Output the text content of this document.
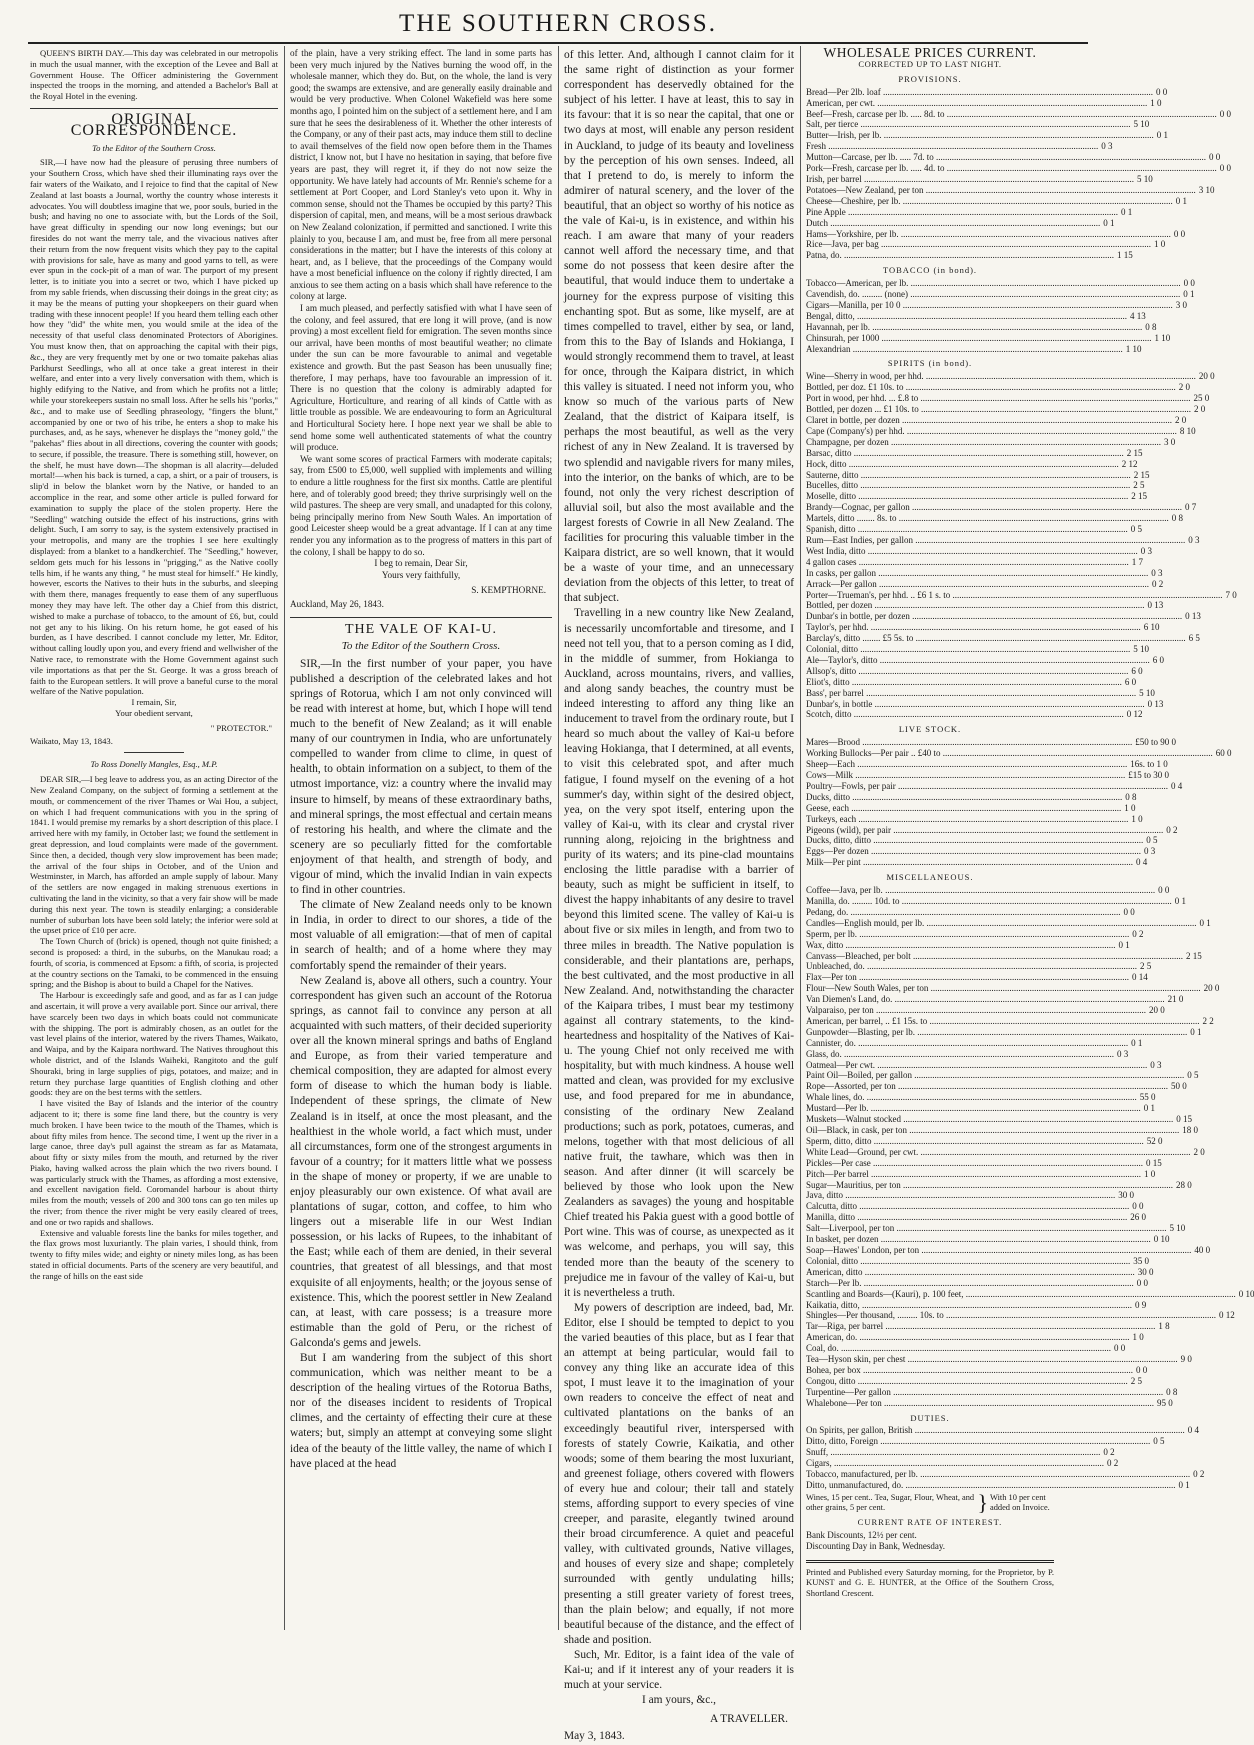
THE SOUTHERN CROSS.

QUEEN'S BIRTH DAY.—This day was celebrated in our metropolis in much the usual manner, with the exception of the Levee and Ball at Government House. The Officer administering the Government inspected the troops in the morning, and attended a Bachelor's Ball at the Royal Hotel in the evening.

ORIGINAL CORRESPONDENCE.
To the Editor of the Southern Cross.

SIR,—I have now had the pleasure of perusing three numbers of your Southern Cross, which have shed their illuminating rays over the fair waters of the Waikato, and I rejoice to find that the capital of New Zealand at last boasts a Journal, worthy the country whose interests it advocates. You will doubtless imagine that we, poor souls, buried in the bush; and having no one to associate with, but the Lords of the Soil, have great difficulty in spending our now long evenings; but our firesides do not want the merry tale, and the vivacious natives after their return from the now frequent visits which they pay to the capital with provisions for sale, have as many and good yarns to tell, as were ever spun in the cock-pit of a man of war. The purport of my present letter, is to initiate you into a secret or two, which I have picked up from my sable friends, when discussing their doings in the great city; as it may be the means of putting your shopkeepers on their guard when trading with these innocent people! If you heard them telling each other how they "did" the white men, you would smile at the idea of the necessity of that useful class denominated Protectors of Aborigines. You must know then, that on approaching the capital with their pigs, &c., they are very frequently met by one or two tomaite pakehas alias Parkhurst Seedlings, who all at once take a great interest in their welfare, and enter into a very lively conversation with them, which is highly edifying to the Native, and from which he profits not a little; while your storekeepers sustain no small loss. After he sells his "porks," &c., and to make use of Seedling phraseology, "fingers the blunt," accompanied by one or two of his tribe, he enters a shop to make his purchases, and, as he says, whenever he displays the "money gold," the "pakehas" flies about in all directions, covering the counter with goods; to secure, if possible, the treasure. There is something still, however, on the shelf, he must have down—The shopman is all alacrity—deluded mortal!—when his back is turned, a cap, a shirt, or a pair of trousers, is slip'd in below the blanket worn by the Native, or handed to an accomplice in the rear, and some other article is pulled forward for examination to supply the place of the stolen property. Here the "Seedling" watching outside the effect of his instructions, grins with delight. Such, I am sorry to say, is the system extensively practised in your metropolis, and many are the trophies I see here exultingly displayed: from a blanket to a handkerchief. The "Seedling," however, seldom gets much for his lessons in "prigging," as the Native coolly tells him, if he wants any thing, " he must steal for himself." He kindly, however, escorts the Natives to their huts in the suburbs, and sleeping with them there, manages frequently to ease them of any superfluous money they may have left. The other day a Chief from this district, wished to make a purchase of tobacco, to the amount of £6, but, could not get any to his liking. On his return home, he got eased of his burden, as I have described. I cannot conclude my letter, Mr. Editor, without calling loudly upon you, and every friend and wellwisher of the Native race, to remonstrate with the Home Government against such vile importations as that per the St. George. It was a gross breach of faith to the European settlers. It will prove a baneful curse to the moral welfare of the Native population.

I remain, Sir,
Your obedient servant,
" PROTECTOR."
Waikato, May 13, 1843.
To Ross Donelly Mangles, Esq., M.P.

DEAR SIR,—I beg leave to address you, as an acting Director of the New Zealand Company, on the subject of forming a settlement at the mouth, or commencement of the river Thames or Wai Hou, a subject, on which I had frequent communications with you in the spring of 1841. I would premise my remarks by a short description of this place. I arrived here with my family, in October last; we found the settlement in great depression, and loud complaints were made of the government. Since then, a decided, though very slow improvement has been made; the arrival of the four ships in October, and of the Union and Westminster, in March, has afforded an ample supply of labour. Many of the settlers are now engaged in making strenuous exertions in cultivating the land in the vicinity, so that a very fair show will be made during this next year. The town is steadily enlarging; a considerable number of suburban lots have been sold lately; the inferior were sold at the upset price of £10 per acre.

The Town Church of (brick) is opened, though not quite finished; a second is proposed: a third, in the suburbs, on the Manukau road; a fourth, of scoria, is commenced at Epsom: a fifth, of scoria, is projected at the country sections on the Tamaki, to be commenced in the ensuing spring; and the Bishop is about to build a Chapel for the Natives.

The Harbour is exceedingly safe and good, and as far as I can judge and ascertain, it will prove a very available port. Since our arrival, there have scarcely been two days in which boats could not communicate with the shipping. The port is admirably chosen, as an outlet for the vast level plains of the interior, watered by the rivers Thames, Waikato, and Waipa, and by the Kaipara northward. The Natives throughout this whole district, and of the Islands Waiheki, Rangitoto and the gulf Shouraki, bring in large supplies of pigs, potatoes, and maize; and in return they purchase large quantities of English clothing and other goods: they are on the best terms with the settlers.

I have visited the Bay of Islands and the interior of the country adjacent to it; there is some fine land there, but the country is very much broken. I have been twice to the mouth of the Thames, which is about fifty miles from hence. The second time, I went up the river in a large canoe, three day's pull against the stream as far as Matamata, about fifty or sixty miles from the mouth, and returned by the river Piako, having walked across the plain which the two rivers bound. I was particularly struck with the Thames, as affording a most extensive, and excellent navigation field. Coromandel harbour is about thirty miles from the mouth; vessels of 200 and 300 tons can go ten miles up the river; from thence the river might be very easily cleared of trees, and one or two rapids and shallows.

Extensive and valuable forests line the banks for miles together, and the flax grows most luxuriantly. The plain varies, I should think, from twenty to fifty miles wide; and eighty or ninety miles long, as has been stated in official documents. Parts of the scenery are very beautiful, and the range of hills on the east side

of the plain, have a very striking effect. The land in some parts has been very much injured by the Natives burning the wood off, in the wholesale manner, which they do. But, on the whole, the land is very good; the swamps are extensive, and are generally easily drainable and would be very productive. When Colonel Wakefield was here some months ago, I pointed him on the subject of a settlement here, and I am sure that he sees the desirableness of it. Whether the other interests of the Company, or any of their past acts, may induce them still to decline to avail themselves of the field now open before them in the Thames district, I know not, but I have no hesitation in saying, that before five years are past, they will regret it, if they do not now seize the opportunity. We have lately had accounts of Mr. Rennie's scheme for a settlement at Port Cooper, and Lord Stanley's veto upon it. Why in common sense, should not the Thames be occupied by this party? This dispersion of capital, men, and means, will be a most serious drawback on New Zealand colonization, if permitted and sanctioned. I write this plainly to you, because I am, and must be, free from all mere personal considerations in the matter; but I have the interests of this colony at heart, and, as I believe, that the proceedings of the Company would have a most beneficial influence on the colony if rightly directed, I am anxious to see them acting on a basis which shall have reference to the colony at large.

I am much pleased, and perfectly satisfied with what I have seen of the colony, and feel assured, that ere long it will prove, (and is now proving) a most excellent field for emigration. The seven months since our arrival, have been months of most beautiful weather; no climate under the sun can be more favourable to animal and vegetable existence and growth. But the past Season has been unusually fine; therefore, I may perhaps, have too favourable an impression of it. There is no question that the colony is admirably adapted for Agriculture, Horticulture, and rearing of all kinds of Cattle with as little trouble as possible. We are endeavouring to form an Agricultural and Horticultural Society here. I hope next year we shall be able to send home some well authenticated statements of what the country will produce.

We want some scores of practical Farmers with moderate capitals; say, from £500 to £5,000, well supplied with implements and willing to endure a little roughness for the first six months. Cattle are plentiful here, and of tolerably good breed; they thrive surprisingly well on the wild pastures. The sheep are very small, and unadapted for this colony, being principally merino from New South Wales. An importation of good Leicester sheep would be a great advantage. If I can at any time render you any information as to the progress of matters in this part of the colony, I shall be happy to do so.

I beg to remain, Dear Sir,
Yours very faithfully,
S. KEMPTHORNE.
Auckland, May 26, 1843.
THE VALE OF KAI-U.
To the Editor of the Southern Cross.

SIR,—In the first number of your paper, you have published a description of the celebrated lakes and hot springs of Rotorua, which I am not only convinced will be read with interest at home, but, which I hope will tend much to the benefit of New Zealand; as it will enable many of our countrymen in India, who are unfortunately compelled to wander from clime to clime, in quest of health, to obtain information on a subject, to them of the utmost importance, viz: a country where the invalid may insure to himself, by means of these extraordinary baths, and mineral springs, the most effectual and certain means of restoring his health, and where the climate and the scenery are so peculiarly fitted for the comfortable enjoyment of that health, and strength of body, and vigour of mind, which the invalid Indian in vain expects to find in other countries.

The climate of New Zealand needs only to be known in India, in order to direct to our shores, a tide of the most valuable of all emigration:—that of men of capital in search of health; and of a home where they may comfortably spend the remainder of their years.

New Zealand is, above all others, such a country. Your correspondent has given such an account of the Rotorua springs, as cannot fail to convince any person at all acquainted with such matters, of their decided superiority over all the known mineral springs and baths of England and Europe, as from their varied temperature and chemical composition, they are adapted for almost every form of disease to which the human body is liable. Independent of these springs, the climate of New Zealand is in itself, at once the most pleasant, and the healthiest in the whole world, a fact which must, under all circumstances, form one of the strongest arguments in favour of a country; for it matters little what we possess in the shape of money or property, if we are unable to enjoy pleasurably our own existence. Of what avail are plantations of sugar, cotton, and coffee, to him who lingers out a miserable life in our West Indian possession, or his lacks of Rupees, to the inhabitant of the East; while each of them are denied, in their several countries, that greatest of all blessings, and that most exquisite of all enjoyments, health; or the joyous sense of existence. This, which the poorest settler in New Zealand can, at least, with care possess; is a treasure more estimable than the gold of Peru, or the richest of Galconda's gems and jewels.

But I am wandering from the subject of this short communication, which was neither meant to be a description of the healing virtues of the Rotorua Baths, nor of the diseases incident to residents of Tropical climes, and the certainty of effecting their cure at these waters; but, simply an attempt at conveying some slight idea of the beauty of the little valley, the name of which I have placed at the head

of this letter. And, although I cannot claim for it the same right of distinction as your former correspondent has deservedly obtained for the subject of his letter. I have at least, this to say in its favour: that it is so near the capital, that one or two days at most, will enable any person resident in Auckland, to judge of its beauty and loveliness by the perception of his own senses. Indeed, all that I pretend to do, is merely to inform the admirer of natural scenery, and the lover of the beautiful, that an object so worthy of his notice as the vale of Kai-u, is in existence, and within his reach. I am aware that many of your readers cannot well afford the necessary time, and that some do not possess that keen desire after the beautiful, that would induce them to undertake a journey for the express purpose of visiting this enchanting spot. But as some, like myself, are at times compelled to travel, either by sea, or land, from this to the Bay of Islands and Hokianga, I would strongly recommend them to travel, at least for once, through the Kaipara district, in which this valley is situated. I need not inform you, who know so much of the various parts of New Zealand, that the district of Kaipara itself, is perhaps the most beautiful, as well as the very richest of any in New Zealand. It is traversed by two splendid and navigable rivers for many miles, into the interior, on the banks of which, are to be found, not only the very richest description of alluvial soil, but also the most available and the largest forests of Cowrie in all New Zealand. The facilities for procuring this valuable timber in the Kaipara district, are so well known, that it would be a waste of your time, and an unnecessary deviation from the objects of this letter, to treat of that subject.

Travelling in a new country like New Zealand, is necessarily uncomfortable and tiresome, and I need not tell you, that to a person coming as I did, in the middle of summer, from Hokianga to Auckland, across mountains, rivers, and vallies, and along sandy beaches, the country must be indeed interesting to afford any thing like an inducement to travel from the ordinary route, but I heard so much about the valley of Kai-u before leaving Hokianga, that I determined, at all events, to visit this celebrated spot, and after much fatigue, I found myself on the evening of a hot summer's day, within sight of the desired object, yea, on the very spot itself, entering upon the valley of Kai-u, with its clear and crystal river running along, rejoicing in the brightness and purity of its waters; and its pine-clad mountains enclosing the little paradise with a barrier of beauty, such as might be sufficient in itself, to divest the happy inhabitants of any desire to travel beyond this limited scene. The valley of Kai-u is about five or six miles in length, and from two to three miles in breadth. The Native population is considerable, and their plantations are, perhaps, the best cultivated, and the most productive in all New Zealand. And, notwithstanding the character of the Kaipara tribes, I must bear my testimony against all contrary statements, to the kind-heartedness and hospitality of the Natives of Kai-u. The young Chief not only received me with hospitality, but with much kindness. A house well matted and clean, was provided for my exclusive use, and food prepared for me in abundance, consisting of the ordinary New Zealand productions; such as pork, potatoes, cumeras, and melons, together with that most delicious of all native fruit, the tawhare, which was then in season. And after dinner (it will scarcely be believed by those who look upon the New Zealanders as savages) the young and hospitable Chief treated his Pakia guest with a good bottle of Port wine. This was of course, as unexpected as it was welcome, and perhaps, you will say, this tended more than the beauty of the scenery to prejudice me in favour of the valley of Kai-u, but it is nevertheless a truth.

My powers of description are indeed, bad, Mr. Editor, else I should be tempted to depict to you the varied beauties of this place, but as I fear that an attempt at being particular, would fail to convey any thing like an accurate idea of this spot, I must leave it to the imagination of your own readers to conceive the effect of neat and cultivated plantations on the banks of an exceedingly beautiful river, interspersed with forests of stately Cowrie, Kaikatia, and other woods; some of them bearing the most luxuriant, and greenest foliage, others covered with flowers of every hue and colour; their tall and stately stems, affording support to every species of vine creeper, and parasite, elegantly twined around their broad circumference. A quiet and peaceful valley, with cultivated grounds, Native villages, and houses of every size and shape; completely surrounded with gently undulating hills; presenting a still greater variety of forest trees, than the plain below; and equally, if not more beautiful because of the distance, and the effect of shade and position.

Such, Mr. Editor, is a faint idea of the vale of Kai-u; and if it interest any of your readers it is much at your service.

I am yours, &c.,
A TRAVELLER.
May 3, 1843.
WHOLESALE PRICES CURRENT.
CORRECTED UP TO LAST NIGHT.
PROVISIONS.
Bread—Per 2lb. loaf .....	0 0
American, per cwt. .....	1 0
Beef—Fresh, carcase per lb. ..... 8d. to .....	0 0
Salt, per tierce .....	5 10
Butter—Irish, per lb. .....	0 1
Fresh .....	0 3
Mutton—Carcase, per lb. ..... 7d. to .....	0 0
Pork—Fresh, carcase per lb. ..... 4d. to .....	0 0
Irish, per barrel .....	5 10
Potatoes—New Zealand, per ton .....	3 10
Cheese—Cheshire, per lb. .....	0 1
Pine Apple .....	0 1
Dutch .....	0 1
Hams—Yorkshire, per lb. .....	0 0
Rice—Java, per bag .....	1 0
Patna, do. .....	1 15
TOBACCO (in bond).
Tobacco—American, per lb. .....	0 0
Cavendish, do. ......... (none) .....	0 1
Cigars—Manilla, per 10 0 .....	3 0
Bengal, ditto, .....	4 13
Havannah, per lb. .....	0 8
Chinsurah, per 1000 .....	1 10
Alexandrian .....	1 10
SPIRITS (in bond).
Wine—Sherry in wood, per hhd. .....	20 0
Bottled, per doz. £1 10s. to .....	2 0
Port in wood, per hhd. ... £.8 to .....	25 0
Bottled, per dozen ... £1 10s. to .....	2 0
Claret in bottle, per dozen .....	2 0
Cape (Company's) per hhd. .....	8 10
Champagne, per dozen .....	3 0
Barsac, ditto .....	2 15
Hock, ditto .....	2 12
Sauterne, ditto .....	2 15
Bucelles, ditto .....	2 5
Moselle, ditto .....	2 15
Brandy—Cognac, per gallon .....	0 7
Martels, ditto ........ 8s. to .....	0 8
Spanish, ditto .....	0 5
Rum—East Indies, per gallon .....	0 3
West India, ditto .....	0 3
4 gallon cases .....	1 7
In casks, per gallon .....	0 3
Arrack—Per gallon .....	0 2
Porter—Trueman's, per hhd. .. £6 1 s. to .....	7 0
Bottled, per dozen .....	0 13
Dunbar's in bottle, per dozen .....	0 13
Taylor's, per hhd. .....	6 10
Barclay's, ditto ........ £5 5s. to .....	6 5
Colonial, ditto .....	5 10
Ale—Taylor's, ditto .....	6 0
Allsop's, ditto .....	6 0
Eliot's, ditto .....	6 0
Bass', per barrel .....	5 10
Dunbar's, in bottle .....	0 13
Scotch, ditto .....	0 12
LIVE STOCK.
Mares—Brood .....	£50 to 90 0
Working Bullocks—Per pair .. £40 to .....	60 0
Sheep—Each .....	16s. to 1 0
Cows—Milk .....	£15 to 30 0
Poultry—Fowls, per pair .....	0 4
Ducks, ditto .....	0 8
Geese, each .....	1 0
Turkeys, each .....	1 0
Pigeons (wild), per pair .....	0 2
Ducks, ditto, ditto .....	0 5
Eggs—Per dozen .....	0 3
Milk—Per pint .....	0 4
MISCELLANEOUS.
Coffee—Java, per lb. .....	0 0
Manilla, do. ......... 10d. to .....	0 1
Pedang, do. .....	0 0
Candles—English mould, per lb. .....	0 1
Sperm, per lb. .....	0 2
Wax, ditto .....	0 1
Canvass—Bleached, per bolt .....	2 15
Unbleached, do. .....	2 5
Flax—Per ton .....	0 14
Flour—New South Wales, per ton .....	20 0
Van Diemen's Land, do. .....	21 0
Valparaiso, per ton .....	20 0
American, per barrel, .. £1 15s. to .....	2 2
Gunpowder—Blasting, per lb. .....	0 1
Cannister, do. .....	0 1
Glass, do. .....	0 3
Oatmeal—Per cwt. .....	0 3
Paint Oil—Boiled, per gallon .....	0 5
Rope—Assorted, per ton .....	50 0
Whale lines, do. .....	55 0
Mustard—Per lb. .....	0 1
Muskets—Walnut stocked .....	0 15
Oil—Black, in cask, per ton .....	18 0
Sperm, ditto, ditto .....	52 0
White Lead—Ground, per cwt. .....	2 0
Pickles—Per case .....	0 15
Pitch—Per barrel .....	1 0
Sugar—Mauritius, per ton .....	28 0
Java, ditto .....	30 0
Calcutta, ditto .....	0 0
Manilla, ditto .....	26 0
Salt—Liverpool, per ton .....	5 10
In basket, per dozen .....	0 10
Soap—Hawes' London, per ton .....	40 0
Colonial, ditto .....	35 0
American, ditto .....	30 0
Starch—Per lb. .....	0 0
Scantling and Boards—(Kauri), p. 100 feet, .....	0 10
Kaikatia, ditto, .....	0 9
Shingles—Per thousand, ......... 10s. to .....	0 12
Tar—Riga, per barrel .....	1 8
American, do. .....	1 0
Coal, do. .....	0 0
Tea—Hyson skin, per chest .....	9 0
Bohea, per box .....	0 0
Congou, ditto .....	2 5
Turpentine—Per gallon .....	0 8
Whalebone—Per ton .....	95 0
DUTIES.
On Spirits, per gallon, British .....	0 4
Ditto, ditto, Foreign .....	0 5
Snuff, .....	0 2
Cigars, .....	0 2
Tobacco, manufactured, per lb. .....	0 2
Ditto, unmanufactured, do. .....	0 1
Wines, 15 per cent.. Tea, Sugar, Flour, Wheat, and other grains, 5 per cent.	} With 10 per cent added on Invoice.
CURRENT RATE OF INTEREST.
Bank Discounts, 12½ per cent.
Discounting Day in Bank, Wednesday.
Printed and Published every Saturday morning, for the Proprietor, by P. KUNST and G. E. HUNTER, at the Office of the Southern Cross, Shortland Crescent.
